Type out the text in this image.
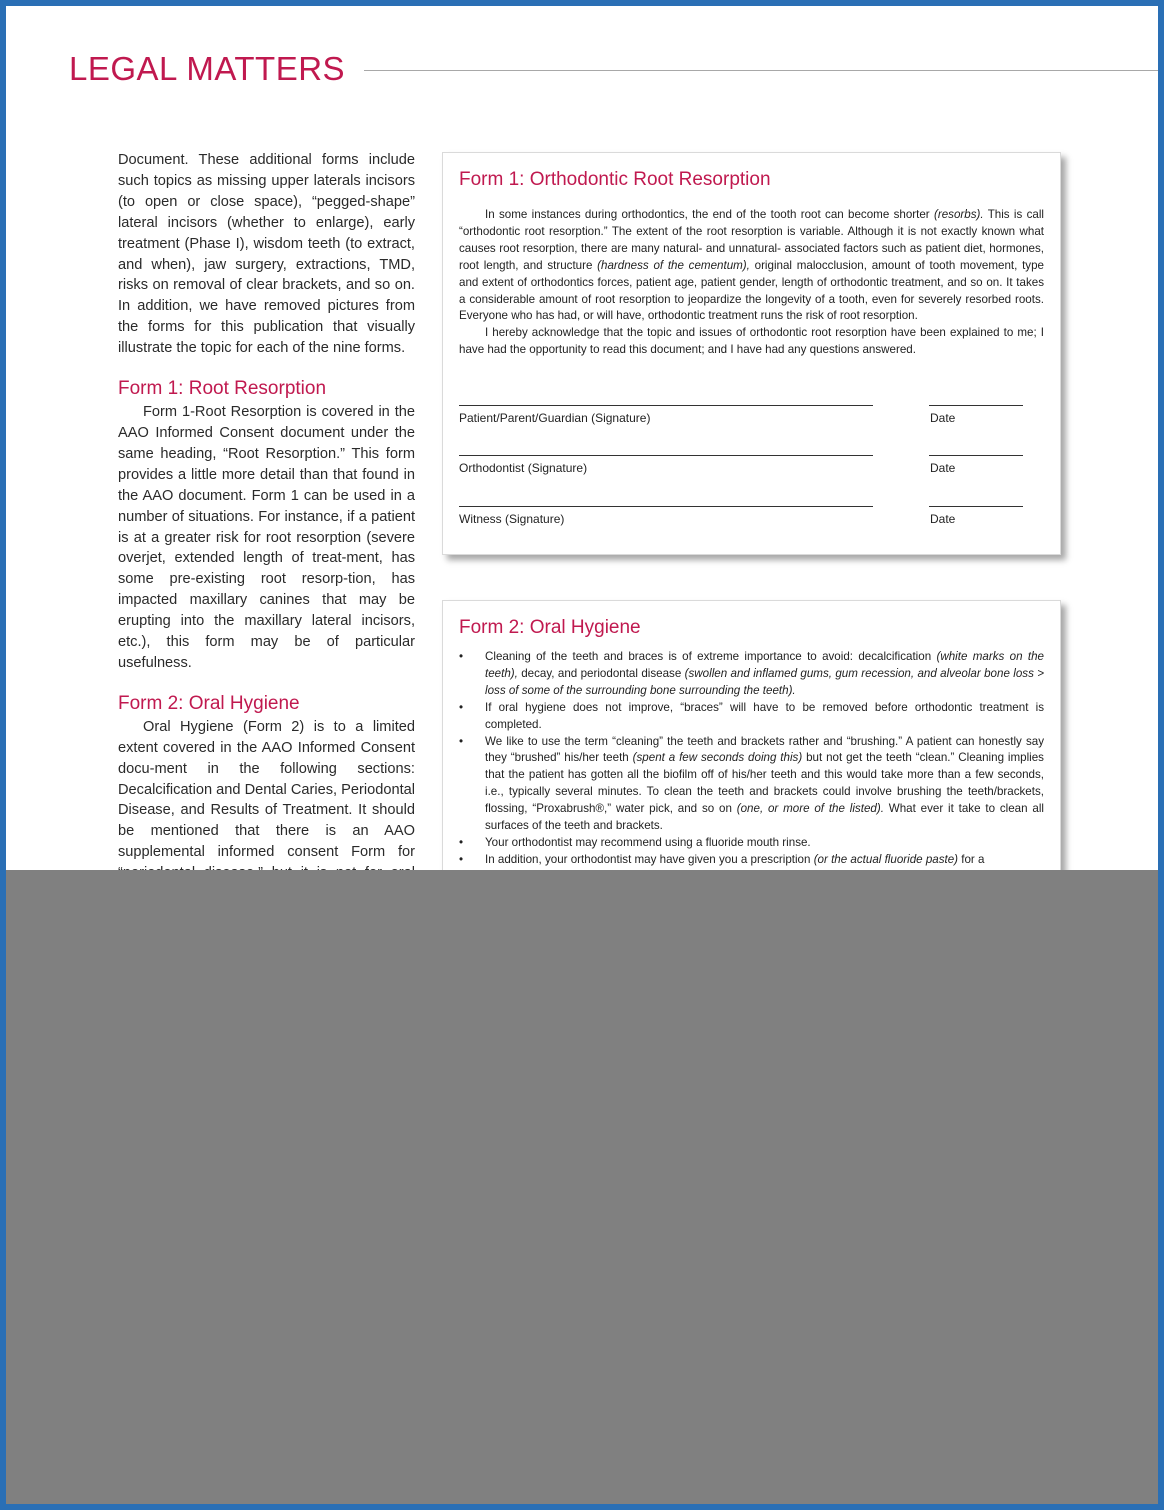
LEGAL MATTERS

Document. These additional forms include such topics as missing upper laterals incisors (to open or close space), “pegged-shape” lateral incisors (whether to enlarge), early treatment (Phase I), wisdom teeth (to extract, and when), jaw surgery, extractions, TMD, risks on removal of clear brackets, and so on. In addition, we have removed pictures from the forms for this publication that visually illustrate the topic for each of the nine forms.

Form 1: Root Resorption

Form 1-Root Resorption is covered in the AAO Informed Consent document under the same heading, “Root Resorption.” This form provides a little more detail than that found in the AAO document. Form 1 can be used in a number of situations. For instance, if a patient is at a greater risk for root resorption (severe overjet, extended length of treat-ment, has some pre-existing root resorp-tion, has impacted maxillary canines that may be erupting into the maxillary lateral incisors, etc.), this form may be of particular usefulness.

Form 2: Oral Hygiene

Oral Hygiene (Form 2) is to a limited extent covered in the AAO Informed Consent docu-ment in the following sections: Decalcification and Dental Caries, Periodontal Disease, and Results of Treatment. It should be mentioned that there is an AAO supplemental informed consent Form for

Form 1: Orthodontic Root Resorption

In some instances during orthodontics, the end of the tooth root can become shorter (resorbs). This is call “orthodontic root resorption.” The extent of the root resorption is variable. Although it is not exactly known what causes root resorption, there are many natural- and unnatural- associated factors such as patient diet, hormones, root length, and structure (hardness of the cementum), original malocclusion, amount of tooth movement, type and extent of orthodontics forces, patient age, patient gender, length of orthodontic treatment, and so on. It takes a considerable amount of root resorption to jeopardize the longevity of a tooth, even for severely resorbed roots. Everyone who has had, or will have, orthodontic treatment runs the risk of root resorption.

I hereby acknowledge that the topic and issues of orthodontic root resorption have been explained to me; I have had the opportunity to read this document; and I have had any questions answered.

Patient/Parent/Guardian (Signature)	Date
Orthodontist (Signature)	Date
Witness (Signature)	Date
Form 2: Oral Hygiene
• Cleaning of the teeth and braces is of extreme importance to avoid: decalcification (white marks on the teeth), decay, and periodontal disease (swollen and inflamed gums, gum recession, and alveolar bone loss > loss of some of the surrounding bone surrounding the teeth).
• If oral hygiene does not improve, “braces” will have to be removed before orthodontic treatment is completed.
• We like to use the term “cleaning” the teeth and brackets rather and “brushing.” A patient can honestly say they “brushed” his/her teeth (spent a few seconds doing this) but not get the teeth “clean.” Cleaning implies that the patient has gotten all the biofilm off of his/her teeth and this would take more than a few seconds, i.e., typically several minutes. To clean the teeth and brackets could involve brushing the teeth/brackets, flossing, “Proxabrush®,” water pick, and so on (one, or more of the listed). What ever it take to clean all surfaces of the teeth and brackets.
• Your orthodontist may recommend using a fluoride mouth rinse.
• In addition, your orthodontist may have given you a prescription (or the actual fluoride paste) for a
